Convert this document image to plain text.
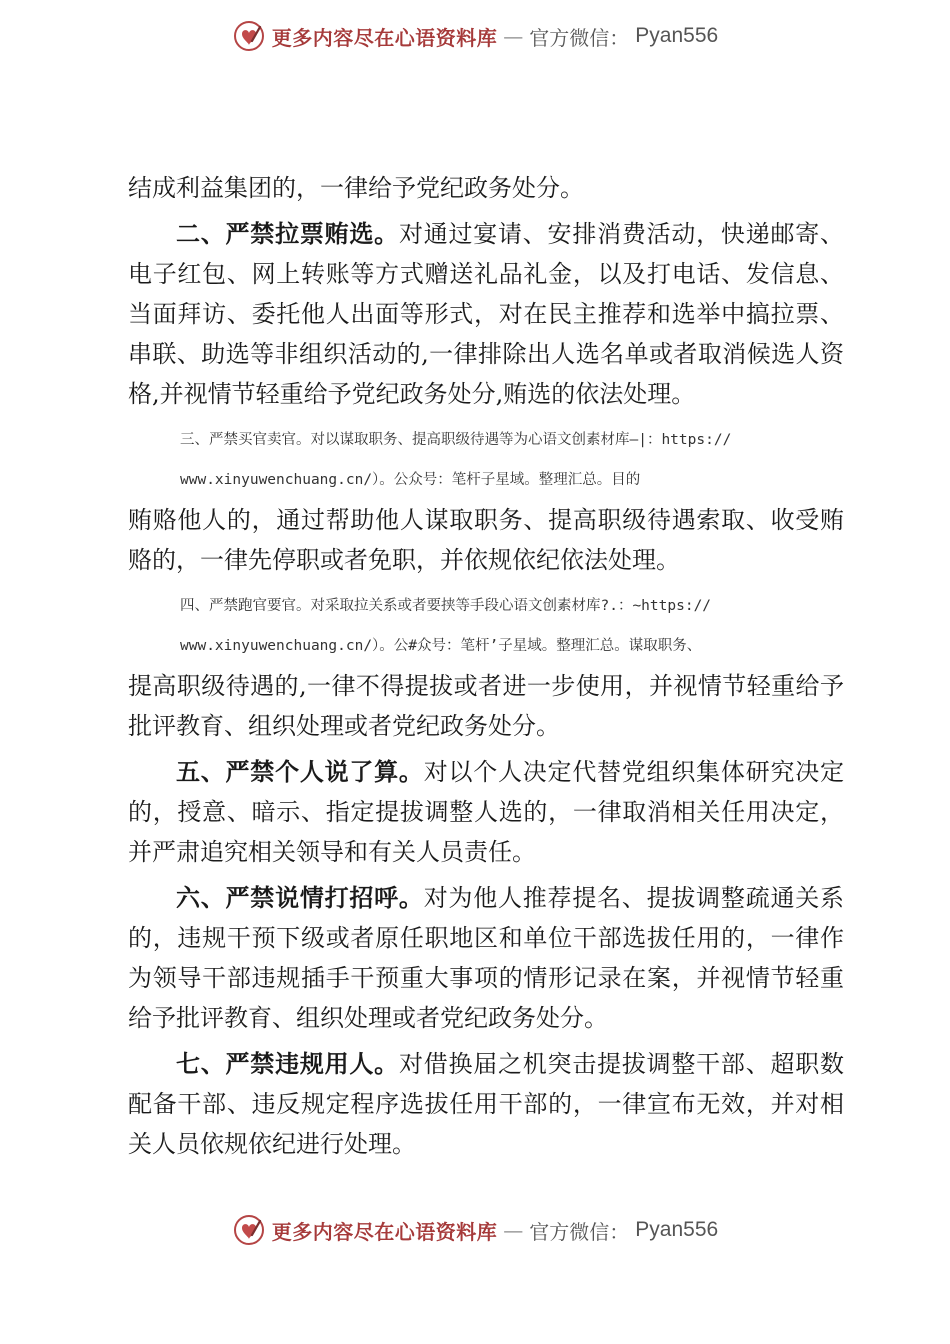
更多内容尽在心语资料库 — 官方微信： Pyan556

结成利益集团的，一律给予党纪政务处分。

二、严禁拉票贿选。对通过宴请、安排消费活动，快递邮寄、电子红包、网上转账等方式赠送礼品礼金，以及打电话、发信息、当面拜访、委托他人出面等形式，对在民主推荐和选举中搞拉票、串联、助选等非组织活动的,一律排除出人选名单或者取消候选人资格,并视情节轻重给予党纪政务处分,贿选的依法处理。

三、严禁买官卖官。对以谋取职务、提高职级待遇等为心语文创素材库—|：https://
www.xinyuwenchuang.cn/）。公众号：笔杆子星域。整理汇总。目的

贿赂他人的，通过帮助他人谋取职务、提高职级待遇索取、收受贿赂的，一律先停职或者免职，并依规依纪依法处理。

四、严禁跑官要官。对采取拉关系或者要挟等手段心语文创素材库?.：~https://
www.xinyuwenchuang.cn/）。公#众号：笔杆’子星域。整理汇总。谋取职务、

提高职级待遇的,一律不得提拔或者进一步使用，并视情节轻重给予批评教育、组织处理或者党纪政务处分。

五、严禁个人说了算。对以个人决定代替党组织集体研究决定的，授意、暗示、指定提拔调整人选的，一律取消相关任用决定，并严肃追究相关领导和有关人员责任。

六、严禁说情打招呼。对为他人推荐提名、提拔调整疏通关系的，违规干预下级或者原任职地区和单位干部选拔任用的，一律作为领导干部违规插手干预重大事项的情形记录在案，并视情节轻重给予批评教育、组织处理或者党纪政务处分。

七、严禁违规用人。对借换届之机突击提拔调整干部、超职数配备干部、违反规定程序选拔任用干部的，一律宣布无效，并对相关人员依规依纪进行处理。

更多内容尽在心语资料库 — 官方微信： Pyan556
